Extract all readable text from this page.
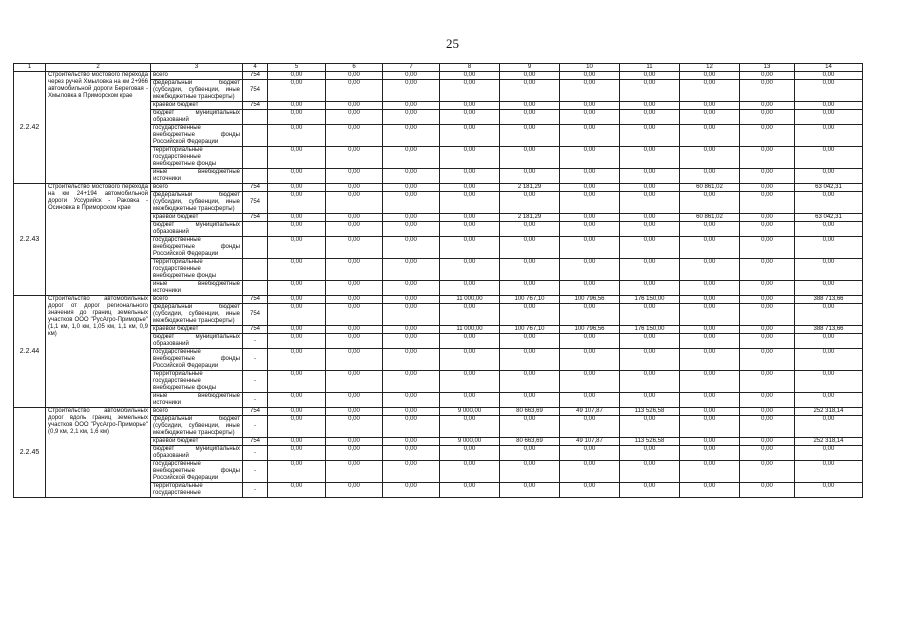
25
1	2	3	4	5	6	7	8	9	10	11	12	13	14
2.2.42	Строительство мостового перехода через ручей Хмыловка на км 2+966 автомобильной дороги Береговая - Хмыловка в Приморском крае	всего	754	0,00	0,00	0,00	0,00	0,00	0,00	0,00	0,00	0,00	0,00
		федеральный бюджет (субсидии, субвенции, иные межбюджетные трансферты)	754	0,00	0,00	0,00	0,00	0,00	0,00	0,00	0,00	0,00	0,00
		краевой бюджет	754	0,00	0,00	0,00	0,00	0,00	0,00	0,00	0,00	0,00	0,00
		бюджет муниципальных образований		0,00	0,00	0,00	0,00	0,00	0,00	0,00	0,00	0,00	0,00
		государственные внебюджетные фонды Российской Федерации		0,00	0,00	0,00	0,00	0,00	0,00	0,00	0,00	0,00	0,00
		территориальные государственные внебюджетные фонды		0,00	0,00	0,00	0,00	0,00	0,00	0,00	0,00	0,00	0,00
		иные внебюджетные источники		0,00	0,00	0,00	0,00	0,00	0,00	0,00	0,00	0,00	0,00
2.2.43	Строительство мостового перехода на км 24+194 автомобильной дороги Уссурийск - Раковка - Осиновка в Приморском крае	всего	754	0,00	0,00	0,00	0,00	2 181,29	0,00	0,00	60 861,02	0,00	63 042,31
		федеральный бюджет (субсидии, субвенции, иные межбюджетные трансферты)	754	0,00	0,00	0,00	0,00	0,00	0,00	0,00	0,00	0,00	0,00
		краевой бюджет	754	0,00	0,00	0,00	0,00	2 181,29	0,00	0,00	60 861,02	0,00	63 042,31
		бюджет муниципальных образований		0,00	0,00	0,00	0,00	0,00	0,00	0,00	0,00	0,00	0,00
		государственные внебюджетные фонды Российской Федерации		0,00	0,00	0,00	0,00	0,00	0,00	0,00	0,00	0,00	0,00
		территориальные государственные внебюджетные фонды		0,00	0,00	0,00	0,00	0,00	0,00	0,00	0,00	0,00	0,00
		иные внебюджетные источники		0,00	0,00	0,00	0,00	0,00	0,00	0,00	0,00	0,00	0,00
2.2.44	Строительство автомобильных дорог от дорог регионального значения до границ земельных участков ООО "РусАгро-Приморье" (1,1 км, 1,0 км, 1,05 км, 1,1 км, 0,9 км)	всего	754	0,00	0,00	0,00	11 000,00	100 767,10	100 796,56	176 150,00	0,00	0,00	388 713,66
		федеральный бюджет (субсидии, субвенции, иные межбюджетные трансферты)	754	0,00	0,00	0,00	0,00	0,00	0,00	0,00	0,00	0,00	0,00
		краевой бюджет	754	0,00	0,00	0,00	11 000,00	100 767,10	100 796,56	176 150,00	0,00	0,00	388 713,66
		бюджет муниципальных образований	-	0,00	0,00	0,00	0,00	0,00	0,00	0,00	0,00	0,00	0,00
		государственные внебюджетные фонды Российской Федерации	-	0,00	0,00	0,00	0,00	0,00	0,00	0,00	0,00	0,00	0,00
		территориальные государственные внебюджетные фонды	-	0,00	0,00	0,00	0,00	0,00	0,00	0,00	0,00	0,00	0,00
		иные внебюджетные источники	-	0,00	0,00	0,00	0,00	0,00	0,00	0,00	0,00	0,00	0,00
2.2.45	Строительство автомобильных дорог вдоль границ земельных участков ООО "РусАгро-Приморье" (0,9 км, 2,1 км, 1,6 км)	всего	754	0,00	0,00	0,00	9 000,00	80 663,69	49 107,87	113 526,58	0,00	0,00	252 318,14
		федеральный бюджет (субсидии, субвенции, иные межбюджетные трансферты)	-	0,00	0,00	0,00	0,00	0,00	0,00	0,00	0,00	0,00	0,00
		краевой бюджет	754	0,00	0,00	0,00	9 000,00	80 663,69	49 107,87	113 526,58	0,00	0,00	252 318,14
		бюджет муниципальных образований	-	0,00	0,00	0,00	0,00	0,00	0,00	0,00	0,00	0,00	0,00
		государственные внебюджетные фонды Российской Федерации	-	0,00	0,00	0,00	0,00	0,00	0,00	0,00	0,00	0,00	0,00
		территориальные государственные	-	0,00	0,00	0,00	0,00	0,00	0,00	0,00	0,00	0,00	0,00
